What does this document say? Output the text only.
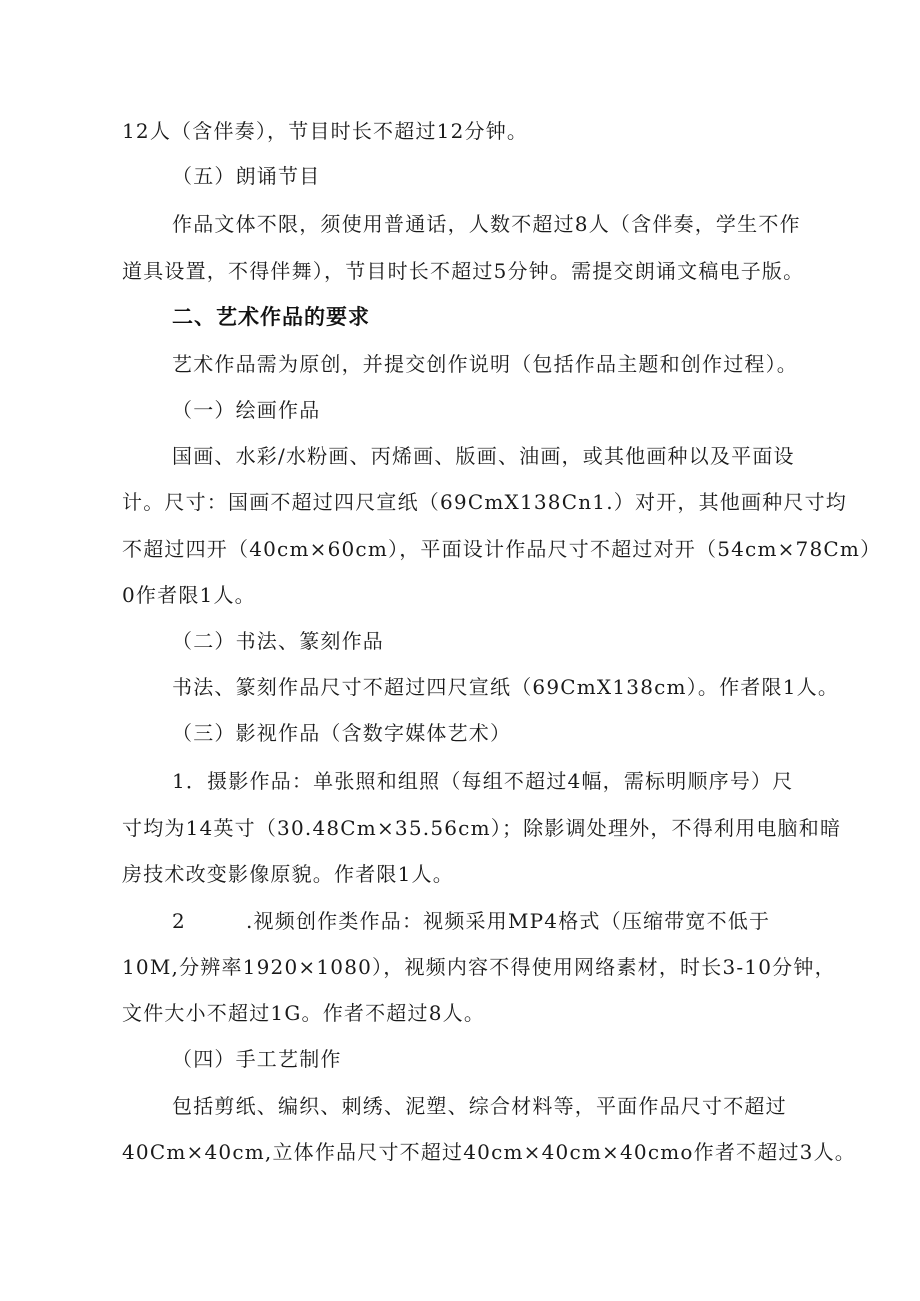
12人（含伴奏），节目时长不超过12分钟。
（五）朗诵节目
作品文体不限，须使用普通话，人数不超过8人（含伴奏，学生不作
道具设置，不得伴舞），节目时长不超过5分钟。需提交朗诵文稿电子版。
二、艺术作品的要求
艺术作品需为原创，并提交创作说明（包括作品主题和创作过程）。
（一）绘画作品
国画、水彩/水粉画、丙烯画、版画、油画，或其他画种以及平面设
计。尺寸：国画不超过四尺宣纸（69CmX138Cn1.）对开，其他画种尺寸均
不超过四开（40cm×60cm），平面设计作品尺寸不超过对开（54cm×78Cm）
0作者限1人。
（二）书法、篆刻作品
书法、篆刻作品尺寸不超过四尺宣纸（69CmX138cm）。作者限1人。
（三）影视作品（含数字媒体艺术）
1．摄影作品：单张照和组照（每组不超过4幅，需标明顺序号）尺
寸均为14英寸（30.48Cm×35.56cm）；除影调处理外，不得利用电脑和暗
房技术改变影像原貌。作者限1人。
2	.视频创作类作品：视频采用MP4格式（压缩带宽不低于
10M,分辨率1920×1080），视频内容不得使用网络素材，时长3-10分钟，
文件大小不超过1G。作者不超过8人。
（四）手工艺制作
包括剪纸、编织、刺绣、泥塑、综合材料等，平面作品尺寸不超过
40Cm×40cm,立体作品尺寸不超过40cm×40cm×40cmo作者不超过3人。
